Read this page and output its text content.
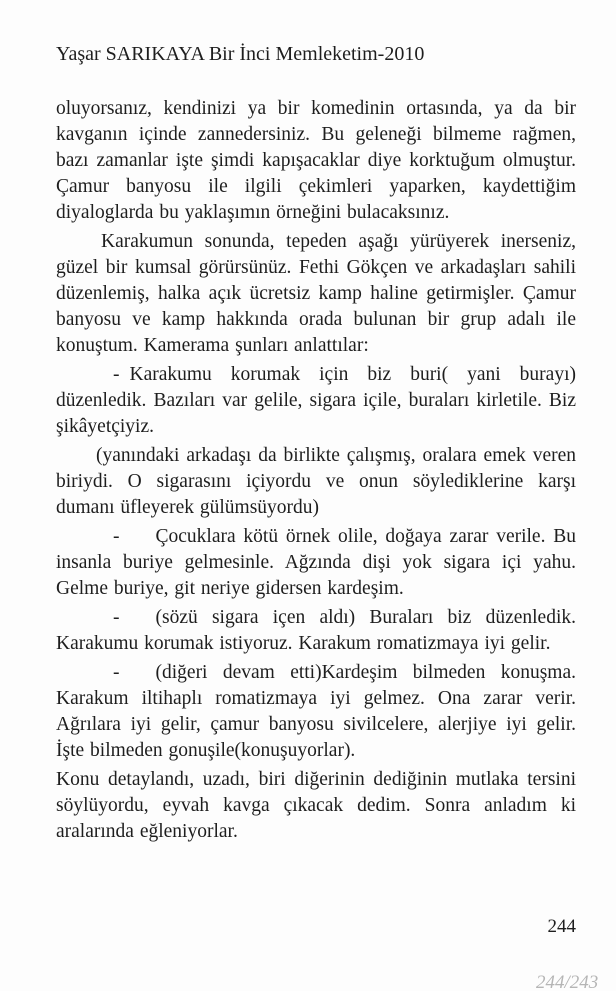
Yaşar SARIKAYA Bir İnci Memleketim-2010

oluyorsanız, kendinizi ya bir komedinin ortasında, ya da bir kavganın içinde zannedersiniz. Bu geleneği bilmeme rağmen, bazı zamanlar işte şimdi kapışacaklar diye korktuğum olmuştur. Çamur banyosu ile ilgili çekimleri yaparken, kaydettiğim diyaloglarda bu yaklaşımın örneğini bulacaksınız.

Karakumun sonunda, tepeden aşağı yürüyerek inerseniz, güzel bir kumsal görürsünüz. Fethi Gökçen ve arkadaşları sahili düzenlemiş, halka açık ücretsiz kamp haline getirmişler. Çamur banyosu ve kamp hakkında orada bulunan bir grup adalı ile konuştum. Kamerama şunları anlattılar:

- Karakumu korumak için biz buri( yani burayı) düzenledik. Bazıları var gelile, sigara içile, buraları kirletile. Biz şikâyetçiyiz.

(yanındaki arkadaşı da birlikte çalışmış, oralara emek veren biriydi. O sigarasını içiyordu ve onun söylediklerine karşı dumanı üfleyerek gülümsüyordu)

- Çocuklara kötü örnek olile, doğaya zarar verile. Bu insanla buriye gelmesinle. Ağzında dişi yok sigara içi yahu. Gelme buriye, git neriye gidersen kardeşim.

- (sözü sigara içen aldı) Buraları biz düzenledik. Karakumu korumak istiyoruz. Karakum romatizmaya iyi gelir.

- (diğeri devam etti)Kardeşim bilmeden konuşma. Karakum iltihaplı romatizmaya iyi gelmez. Ona zarar verir. Ağrılara iyi gelir, çamur banyosu sivilcelere, alerjiye iyi gelir. İşte bilmeden gonuşile(konuşuyorlar).

Konu detaylandı, uzadı, biri diğerinin dediğinin mutlaka tersini söylüyordu, eyvah kavga çıkacak dedim. Sonra anladım ki aralarında eğleniyorlar.

244
244/243
